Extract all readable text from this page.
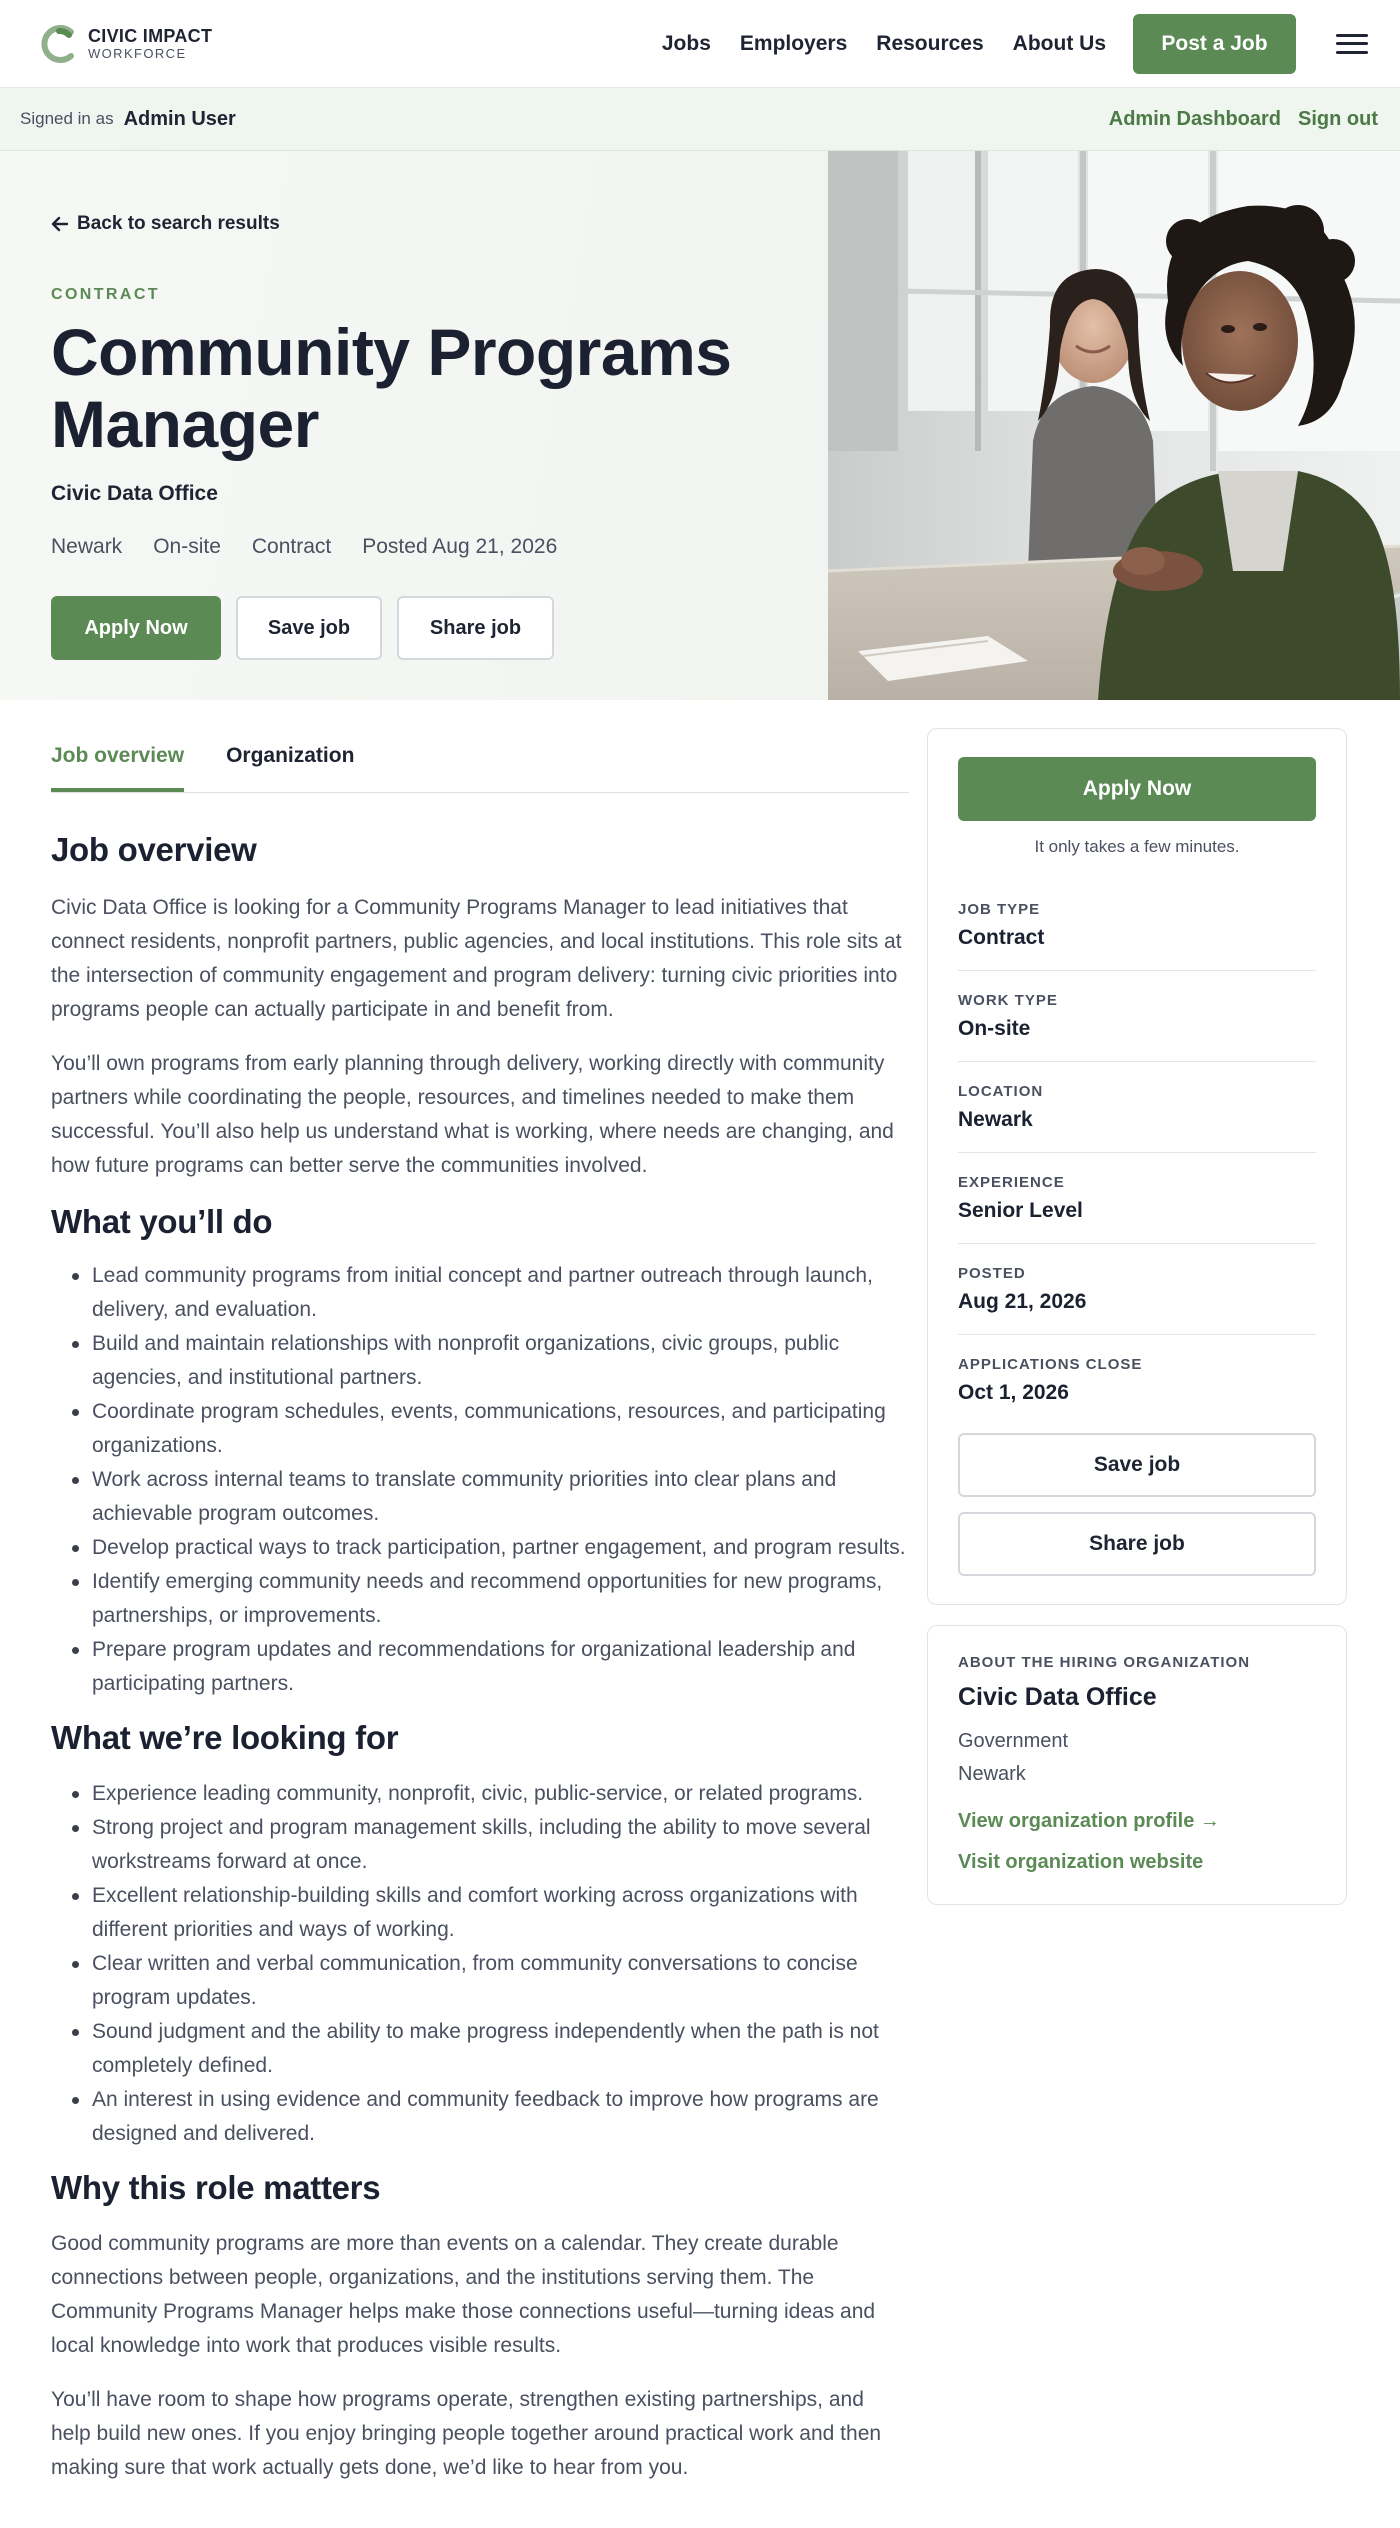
CIVIC IMPACT
WORKFORCE	Jobs Employers Resources About Us	Post a Job
Signed in as Admin User	Admin Dashboard Sign out
Back to search results
CONTRACT
Community Programs Manager
Civic Data Office
Newark On-site Contract Posted Aug 21, 2026
Apply Now	Save job	Share job
Job overview Organization
Job overview

Civic Data Office is looking for a Community Programs Manager to lead initiatives that connect residents, nonprofit partners, public agencies, and local institutions. This role sits at the intersection of community engagement and program delivery: turning civic priorities into programs people can actually participate in and benefit from.

You’ll own programs from early planning through delivery, working directly with community partners while coordinating the people, resources, and timelines needed to make them successful. You’ll also help us understand what is working, where needs are changing, and how future programs can better serve the communities involved.

What you’ll do
Lead community programs from initial concept and partner outreach through launch, delivery, and evaluation.
Build and maintain relationships with nonprofit organizations, civic groups, public agencies, and institutional partners.
Coordinate program schedules, events, communications, resources, and participating organizations.
Work across internal teams to translate community priorities into clear plans and achievable program outcomes.
Develop practical ways to track participation, partner engagement, and program results.
Identify emerging community needs and recommend opportunities for new programs, partnerships, or improvements.
Prepare program updates and recommendations for organizational leadership and participating partners.
What we’re looking for
Experience leading community, nonprofit, civic, public-service, or related programs.
Strong project and program management skills, including the ability to move several workstreams forward at once.
Excellent relationship-building skills and comfort working across organizations with different priorities and ways of working.
Clear written and verbal communication, from community conversations to concise program updates.
Sound judgment and the ability to make progress independently when the path is not completely defined.
An interest in using evidence and community feedback to improve how programs are designed and delivered.
Why this role matters

Good community programs are more than events on a calendar. They create durable connections between people, organizations, and the institutions serving them. The Community Programs Manager helps make those connections useful—turning ideas and local knowledge into work that produces visible results.

You’ll have room to shape how programs operate, strengthen existing partnerships, and help build new ones. If you enjoy bringing people together around practical work and then making sure that work actually gets done, we’d like to hear from you.

Apply Now
It only takes a few minutes.
JOB TYPE
Contract
WORK TYPE
On-site
LOCATION
Newark
EXPERIENCE
Senior Level
POSTED
Aug 21, 2026
APPLICATIONS CLOSE
Oct 1, 2026
Save job
Share job
ABOUT THE HIRING ORGANIZATION
Civic Data Office
Government
Newark
View organization profile →
Visit organization website
